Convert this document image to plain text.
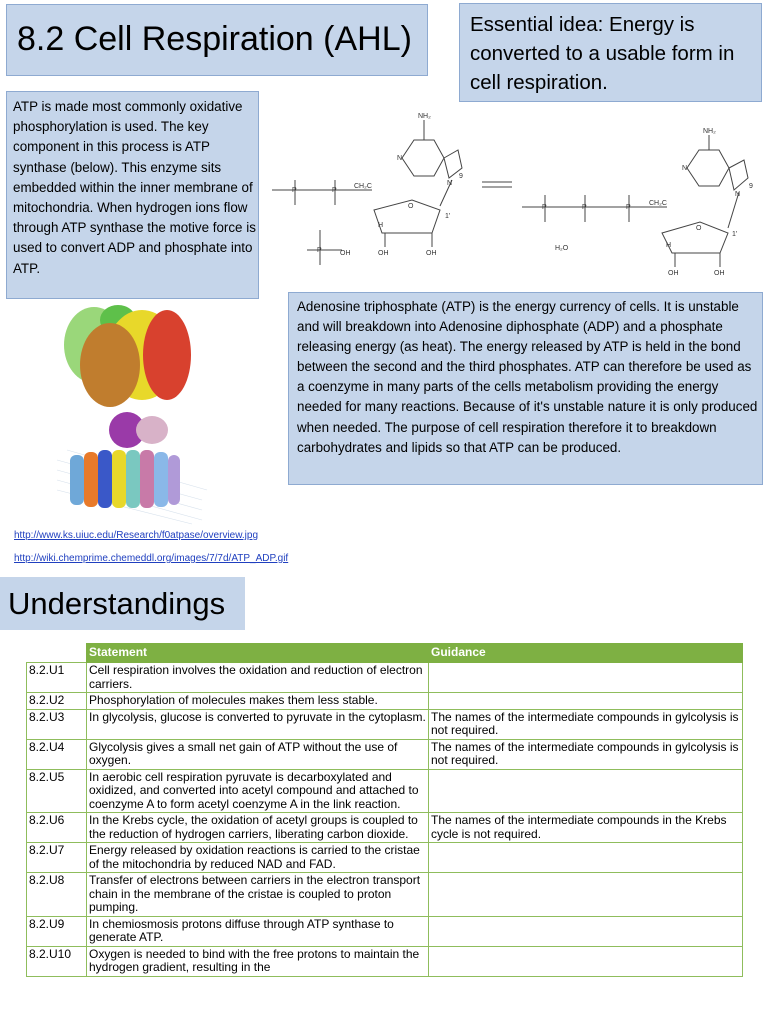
8.2 Cell Respiration (AHL)	Essential idea: Energy is converted to a usable form in cell respiration.
ATP is made most commonly oxidative phosphorylation is used. The key component in this process is ATP synthase (below). This enzyme sits embedded within the inner membrane of mitochondria. When hydrogen ions flow through ATP synthase the motive force is used to convert ADP and phosphate into ATP.
NH₂
NH₂
CH₂C
CH₂C
OH	OH
OH	OH
OH
H₂O
P	P
P
P	P	P
O
O
N
N
N
N
9
9
1'
1'
H
H
Adenosine triphosphate (ATP) is the energy currency of cells. It is unstable and will breakdown into Adenosine diphosphate (ADP) and a phosphate releasing energy (as heat). The energy released by ATP is held in the bond between the second and the third phosphates. ATP can therefore be used as a coenzyme in many parts of the cells metabolism providing the energy needed for many reactions. Because of it's unstable nature it is only produced when needed. The purpose of cell respiration therefore it to breakdown carbohydrates and lipids so that ATP can be produced.
http://www.ks.uiuc.edu/Research/f0atpase/overview.jpg
http://wiki.chemprime.chemeddl.org/images/7/7d/ATP_ADP.gif
Understandings
	Statement	Guidance
8.2.U1	Cell respiration involves the oxidation and reduction of electron carriers.	
8.2.U2	Phosphorylation of molecules makes them less stable.	
8.2.U3	In glycolysis, glucose is converted to pyruvate in the cytoplasm.	The names of the intermediate compounds in gylcolysis is not required.
8.2.U4	Glycolysis gives a small net gain of ATP without the use of oxygen.	The names of the intermediate compounds in gylcolysis is not required.
8.2.U5	In aerobic cell respiration pyruvate is decarboxylated and oxidized, and converted into acetyl compound and attached to coenzyme A to form acetyl coenzyme A in the link reaction.	
8.2.U6	In the Krebs cycle, the oxidation of acetyl groups is coupled to the reduction of hydrogen carriers, liberating carbon dioxide.	The names of the intermediate compounds in the Krebs cycle is not required.
8.2.U7	Energy released by oxidation reactions is carried to the cristae of the mitochondria by reduced NAD and FAD.	
8.2.U8	Transfer of electrons between carriers in the electron transport chain in the membrane of the cristae is coupled to proton pumping.	
8.2.U9	In chemiosmosis protons diffuse through ATP synthase to generate ATP.	
8.2.U10	Oxygen is needed to bind with the free protons to maintain the hydrogen gradient, resulting in the	
